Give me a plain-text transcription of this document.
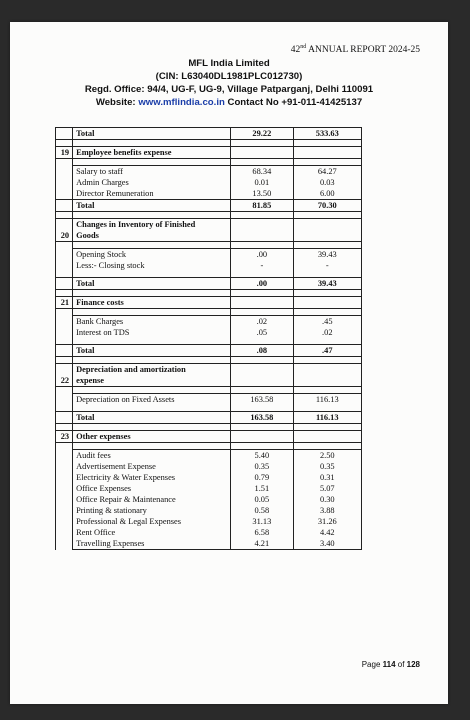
42nd ANNUAL REPORT 2024-25
MFL India Limited
(CIN: L63040DL1981PLC012730)
Regd. Office: 94/4, UG-F, UG-9, Village Patparganj, Delhi 110091
Website: www.mflindia.co.in Contact No +91-011-41425137
	Total	29.22	533.63

19	Employee benefits expense		

	Salary to staff	68.34	64.27
	Admin Charges	0.01	0.03
	Director Remuneration	13.50	6.00
	Total	81.85	70.30

20	Changes in Inventory of Finished
Goods		

	Opening Stock	.00	39.43
	Less:- Closing stock	-	-

	Total	.00	39.43

21	Finance costs		

	Bank Charges	.02	.45
	Interest on TDS	.05	.02

	Total	.08	.47

22	Depreciation and amortization
expense		

	Depreciation on Fixed Assets	163.58	116.13

	Total	163.58	116.13

23	Other expenses		

	Audit fees	5.40	2.50
	Advertisement Expense	0.35	0.35
	Electricity & Water Expenses	0.79	0.31
	Office Expenses	1.51	5.07
	Office Repair & Maintenance	0.05	0.30
	Printing & stationary	0.58	3.88
	Professional & Legal Expenses	31.13	31.26
	Rent Office	6.58	4.42
	Travelling Expenses	4.21	3.40
Page 114 of 128
